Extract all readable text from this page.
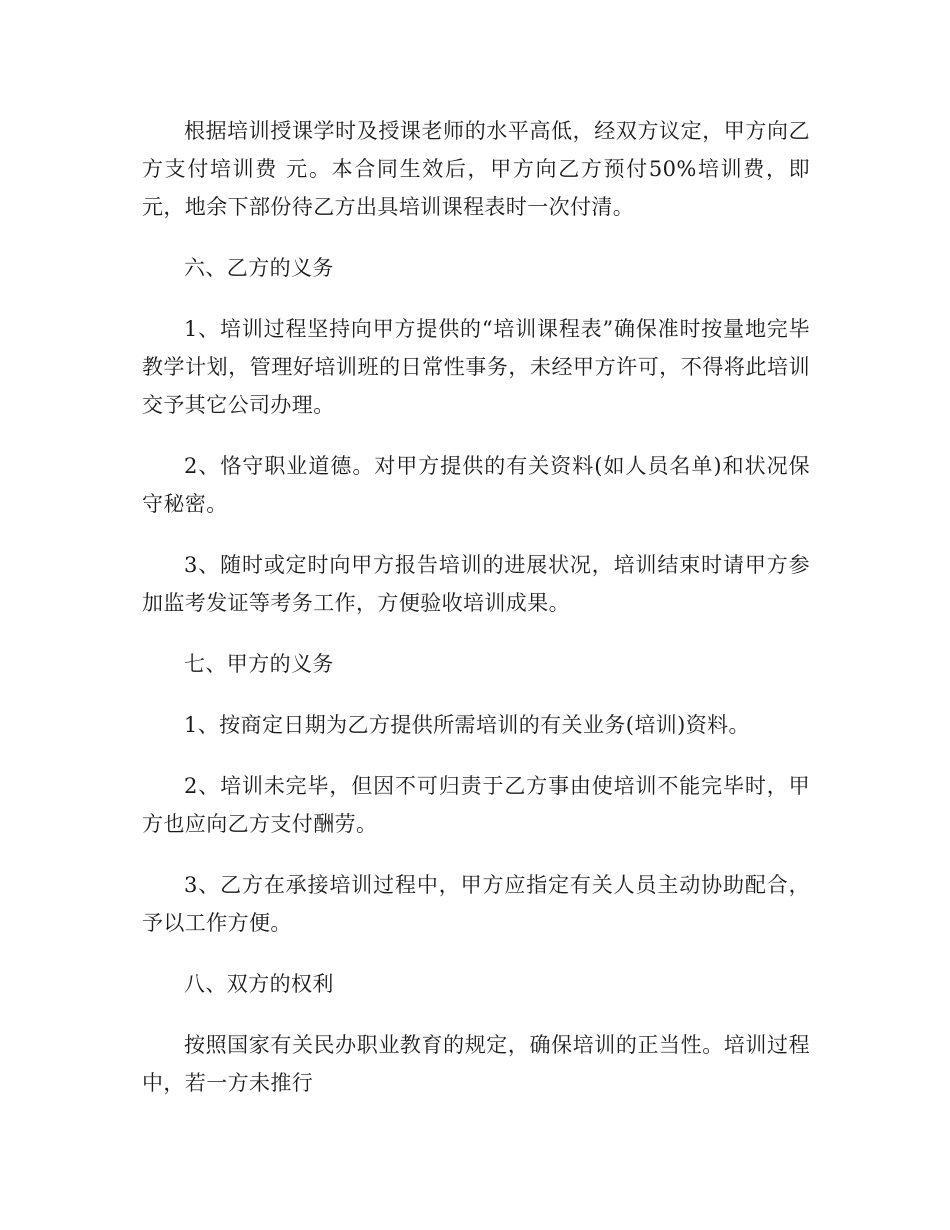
根据培训授课学时及授课老师的水平高低，经双方议定，甲方向乙方支付培训费 元。本合同生效后，甲方向乙方预付50%培训费，即 元，地余下部份待乙方出具培训课程表时一次付清。

六、乙方的义务

1、培训过程坚持向甲方提供的“培训课程表”确保准时按量地完毕教学计划，管理好培训班的日常性事务，未经甲方许可，不得将此培训交予其它公司办理。

2、恪守职业道德。对甲方提供的有关资料(如人员名单)和状况保守秘密。

3、随时或定时向甲方报告培训的进展状况，培训结束时请甲方参加监考发证等考务工作，方便验收培训成果。

七、甲方的义务

1、按商定日期为乙方提供所需培训的有关业务(培训)资料。

2、培训未完毕，但因不可归责于乙方事由使培训不能完毕时，甲方也应向乙方支付酬劳。

3、乙方在承接培训过程中，甲方应指定有关人员主动协助配合，予以工作方便。

八、双方的权利

按照国家有关民办职业教育的规定，确保培训的正当性。培训过程中，若一方未推行
